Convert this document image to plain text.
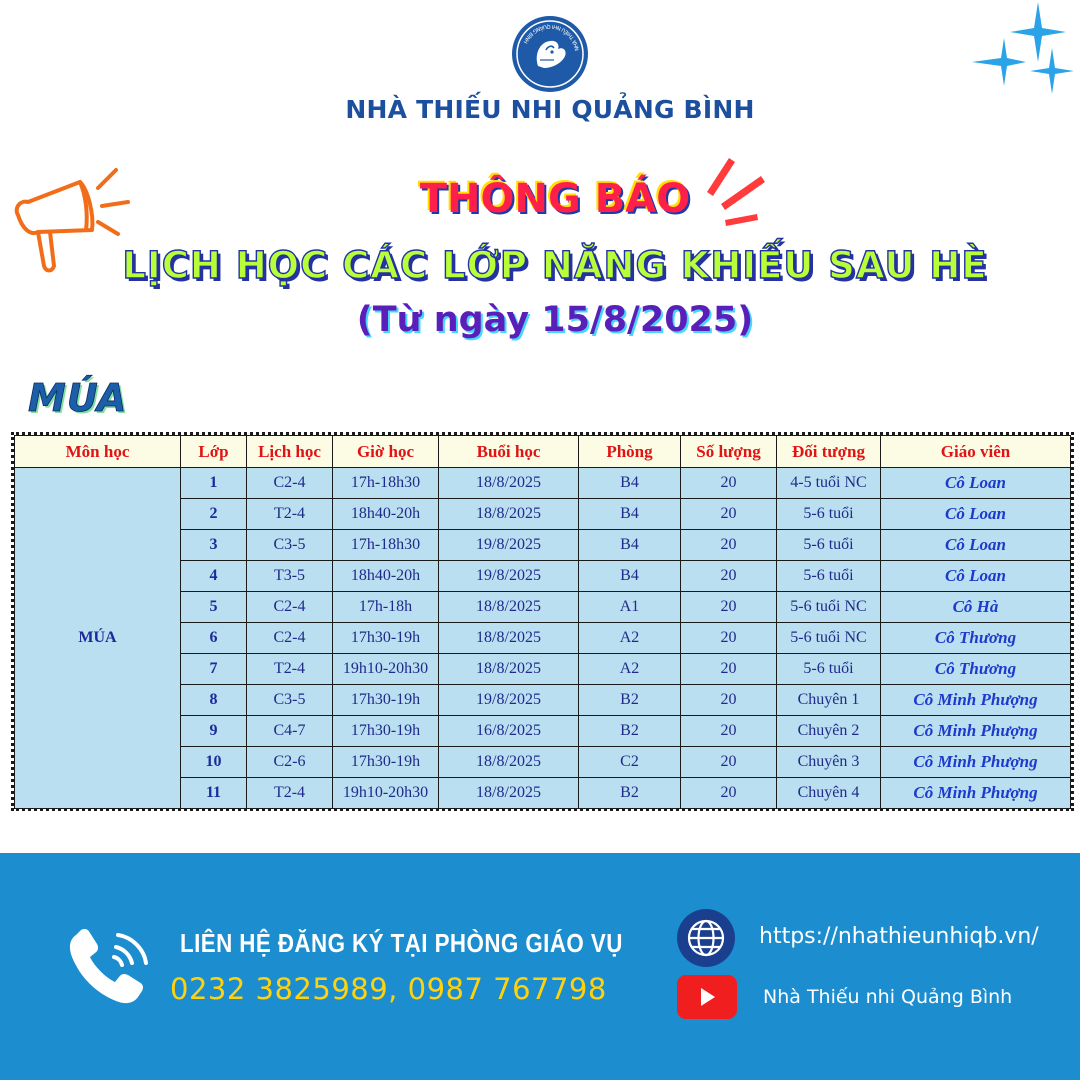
NHÀ THIẾU NHI QUẢNG BÌNH
NHÀ THIẾU NHI QUẢNG BÌNH
THÔNG BÁO
LỊCH HỌC CÁC LỚP NĂNG KHIẾU SAU HÈ
(Từ ngày 15/8/2025)
MÚA
Môn học	Lớp	Lịch học	Giờ học	Buổi học	Phòng	Số lượng	Đối tượng	Giáo viên
MÚA	1	C2-4	17h-18h30	18/8/2025	B4	20	4-5 tuổi NC	Cô Loan
	2	T2-4	18h40-20h	18/8/2025	B4	20	5-6 tuổi	Cô Loan
	3	C3-5	17h-18h30	19/8/2025	B4	20	5-6 tuổi	Cô Loan
	4	T3-5	18h40-20h	19/8/2025	B4	20	5-6 tuổi	Cô Loan
	5	C2-4	17h-18h	18/8/2025	A1	20	5-6 tuổi NC	Cô Hà
	6	C2-4	17h30-19h	18/8/2025	A2	20	5-6 tuổi NC	Cô Thương
	7	T2-4	19h10-20h30	18/8/2025	A2	20	5-6 tuổi	Cô Thương
	8	C3-5	17h30-19h	19/8/2025	B2	20	Chuyên 1	Cô Minh Phượng
	9	C4-7	17h30-19h	16/8/2025	B2	20	Chuyên 2	Cô Minh Phượng
	10	C2-6	17h30-19h	18/8/2025	C2	20	Chuyên 3	Cô Minh Phượng
	11	T2-4	19h10-20h30	18/8/2025	B2	20	Chuyên 4	Cô Minh Phượng
LIÊN HỆ ĐĂNG KÝ TẠI PHÒNG GIÁO VỤ
0232 3825989, 0987 767798
https://nhathieunhiqb.vn/
Nhà Thiếu nhi Quảng Bình
